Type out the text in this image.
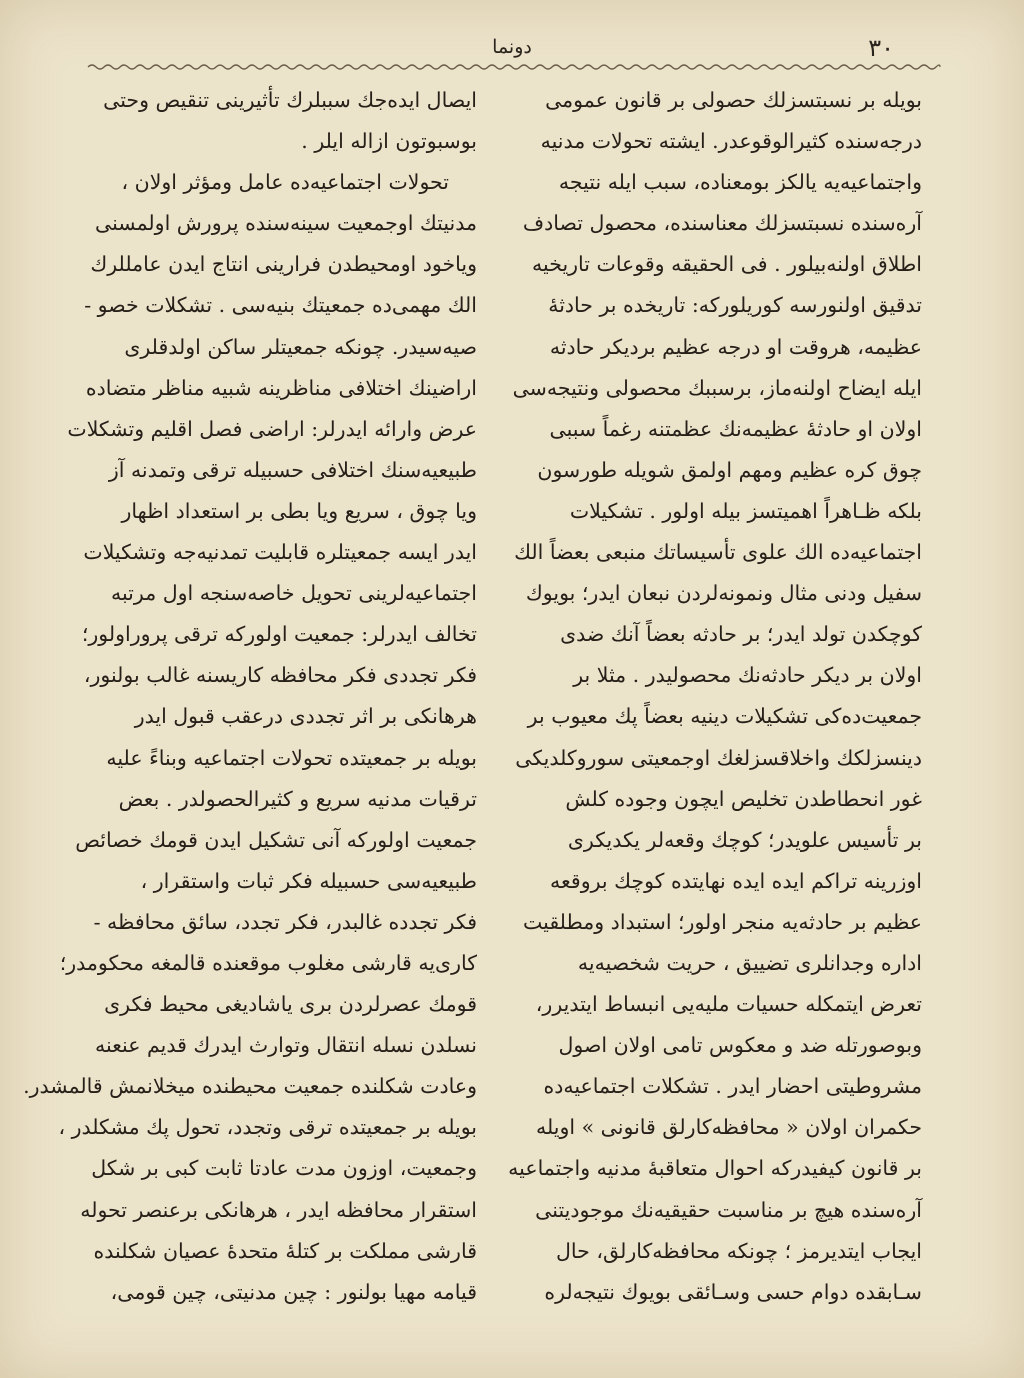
٣٠
دونما
بویله بر نسبتسزلك حصولی بر قانون عمومی
درجه‌سنده کثیرالوقوعدر. ایشته تحولات مدنیه
واجتماعیه‌یه یالکز بومعناده، سبب ایله نتیجه
آره‌سنده نسبتسزلك معناسنده، محصول تصادف
اطلاق اولنه‌بیلور . فی الحقیقه وقوعات تاریخیه
تدقیق اولنورسه کوریلورکه: تاریخده بر حادثهٔ
عظیمه، هروقت او درجه عظیم بردیکر حادثه
ایله ایضاح اولنه‌ماز، برسببك محصولی ونتیجه‌سی
اولان او حادثهٔ عظیمه‌نك عظمتنه رغماً سببی
چوق کره عظیم ومهم اولمق شویله طورسون
بلکه ظـاهراً اهمیتسز بیله اولور . تشکیلات
اجتماعیه‌ده الك علوی تأسیساتك منبعی بعضاً الك
سفیل ودنی مثال ونمونه‌لردن نبعان ایدر؛ بویوك
کوچکدن تولد ایدر؛ بر حادثه بعضاً آنك ضدی
اولان بر دیکر حادثه‌نك محصولیدر . مثلا بر
جمعیت‌ده‌کی تشکیلات دینیه بعضاً پك معیوب بر
دینسزلکك واخلاقسزلغك اوجمعیتی سوروکلدیکی
غور انحطاطدن تخلیص ایچون وجوده کلش
بر تأسیس علویدر؛ کوچك وقعه‌لر یکدیکری
اوزرینه تراکم ایده ایده نهایتده کوچك بروقعه
عظیم بر حادثه‌یه منجر اولور؛ استبداد ومطلقیت
اداره وجدانلری تضییق ، حریت شخصیه‌یه
تعرض ایتمکله حسیات ملیه‌یی انبساط ایتدیرر،
وبوصورتله ضد و معکوس تامی اولان اصول
مشروطیتی احضار ایدر . تشکلات اجتماعیه‌ده
حکمران اولان « محافظه‌کارلق قانونی » اویله
بر قانون کیفیدرکه احوال متعاقبهٔ مدنیه واجتماعیه
آره‌سنده هیچ بر مناسبت حقیقیه‌نك موجودیتنی
ایجاب ایتدیرمز ؛ چونکه محافظه‌کارلق، حال
سـابقده دوام حسی وسـائقی بویوك نتیجه‌لره
ایصال ایده‌جك سببلرك تأثیرینی تنقیص وحتی
بوسبوتون ازاله ایلر .
تحولات اجتماعیه‌ده عامل ومؤثر اولان ،
مدنیتك اوجمعیت سینه‌سنده پرورش اولمسنی
ویاخود اومحیطدن فرارینی انتاج ایدن عامللرك
الك مهمی‌ده جمعیتك بنیه‌سی . تشکلات خصو -
صیه‌سیدر. چونکه جمعیتلر ساکن اولدقلری
اراضینك اختلافی مناظرینه شبیه مناظر متضاده
عرض وارائه ایدرلر: اراضی فصل اقلیم وتشکلات
طبیعیه‌سنك اختلافی حسبیله ترقی وتمدنه آز
ویا چوق ، سریع ویا بطی بر استعداد اظهار
ایدر ایسه جمعیتلره قابلیت تمدنیه‌جه وتشکیلات
اجتماعیه‌لرینی تحویل خاصه‌سنجه اول مرتبه
تخالف ایدرلر: جمعیت اولورکه ترقی پروراولور؛
فکر تجددی فکر محافظه کاریسنه غالب بولنور،
هرهانکی بر اثر تجددی درعقب قبول ایدر
بویله بر جمعیتده تحولات اجتماعیه وبناءً علیه
ترقیات مدنیه سریع و کثیرالحصولدر . بعض
جمعیت اولورکه آنی تشکیل ایدن قومك خصائص
طبیعیه‌سی حسبیله فکر ثبات واستقرار ،
فکر تجدده غالبدر، فکر تجدد، سائق محافظه -
کاری‌یه قارشی مغلوب موقعنده قالمغه محکومدر؛
قومك عصرلردن بری یاشادیغی محیط فکری
نسلدن نسله انتقال وتوارث ایدرك قدیم عنعنه
وعادت شکلنده جمعیت محیطنده میخلانمش قالمشدر.
بویله بر جمعیتده ترقی وتجدد، تحول پك مشکلدر ،
وجمعیت، اوزون مدت عادتا ثابت کبی بر شکل
استقرار محافظه ایدر ، هرهانکی برعنصر تحوله
قارشی مملکت بر کتلهٔ متحدهٔ عصیان شکلنده
قیامه مهیا بولنور : چین مدنیتی، چین قومی،
